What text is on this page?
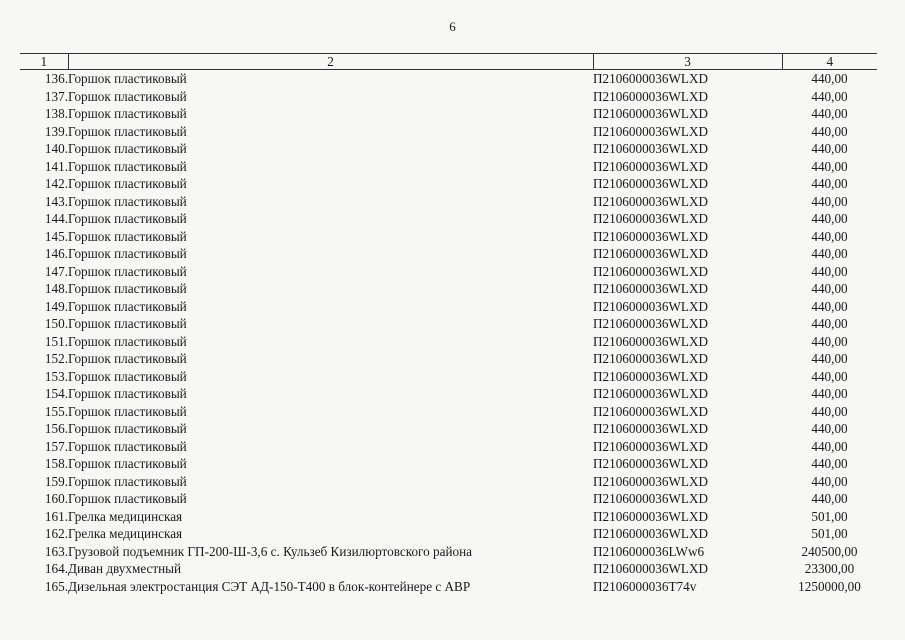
6
1	2	3	4
136.	Горшок пластиковый	П2106000036WLXD	440,00
137.	Горшок пластиковый	П2106000036WLXD	440,00
138.	Горшок пластиковый	П2106000036WLXD	440,00
139.	Горшок пластиковый	П2106000036WLXD	440,00
140.	Горшок пластиковый	П2106000036WLXD	440,00
141.	Горшок пластиковый	П2106000036WLXD	440,00
142.	Горшок пластиковый	П2106000036WLXD	440,00
143.	Горшок пластиковый	П2106000036WLXD	440,00
144.	Горшок пластиковый	П2106000036WLXD	440,00
145.	Горшок пластиковый	П2106000036WLXD	440,00
146.	Горшок пластиковый	П2106000036WLXD	440,00
147.	Горшок пластиковый	П2106000036WLXD	440,00
148.	Горшок пластиковый	П2106000036WLXD	440,00
149.	Горшок пластиковый	П2106000036WLXD	440,00
150.	Горшок пластиковый	П2106000036WLXD	440,00
151.	Горшок пластиковый	П2106000036WLXD	440,00
152.	Горшок пластиковый	П2106000036WLXD	440,00
153.	Горшок пластиковый	П2106000036WLXD	440,00
154.	Горшок пластиковый	П2106000036WLXD	440,00
155.	Горшок пластиковый	П2106000036WLXD	440,00
156.	Горшок пластиковый	П2106000036WLXD	440,00
157.	Горшок пластиковый	П2106000036WLXD	440,00
158.	Горшок пластиковый	П2106000036WLXD	440,00
159.	Горшок пластиковый	П2106000036WLXD	440,00
160.	Горшок пластиковый	П2106000036WLXD	440,00
161.	Грелка медицинская	П2106000036WLXD	501,00
162.	Грелка медицинская	П2106000036WLXD	501,00
163.	Грузовой подъемник ГП-200-Ш-3,6 с. Кульзеб Кизилюртовского района	П2106000036LWw6	240500,00
164.	Диван двухместный	П2106000036WLXD	23300,00
165.	Дизельная электростанция СЭТ АД-150-Т400 в блок-контейнере с АВР	П2106000036Т74v	1250000,00
